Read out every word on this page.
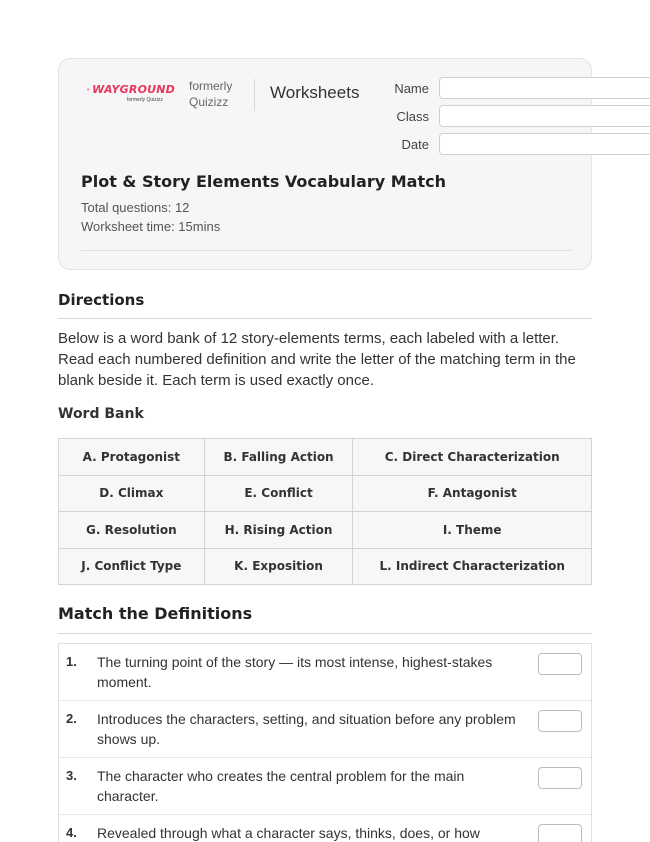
WAYGROUND
formerly Quizizz
formerly Quizizz	Worksheets	Name
Class
Date
Plot & Story Elements Vocabulary Match
Total questions: 12
Worksheet time: 15mins
Directions
Below is a word bank of 12 story-elements terms, each labeled with a letter. Read each numbered definition and write the letter of the matching term in the blank beside it. Each term is used exactly once.
Word Bank
A. Protagonist	B. Falling Action	C. Direct Characterization
D. Climax	E. Conflict	F. Antagonist
G. Resolution	H. Rising Action	I. Theme
J. Conflict Type	K. Exposition	L. Indirect Characterization
Match the Definitions
1. The turning point of the story — its most intense, highest-stakes moment.
2. Introduces the characters, setting, and situation before any problem shows up.
3. The character who creates the central problem for the main character.
4. Revealed through what a character says, thinks, does, or how
